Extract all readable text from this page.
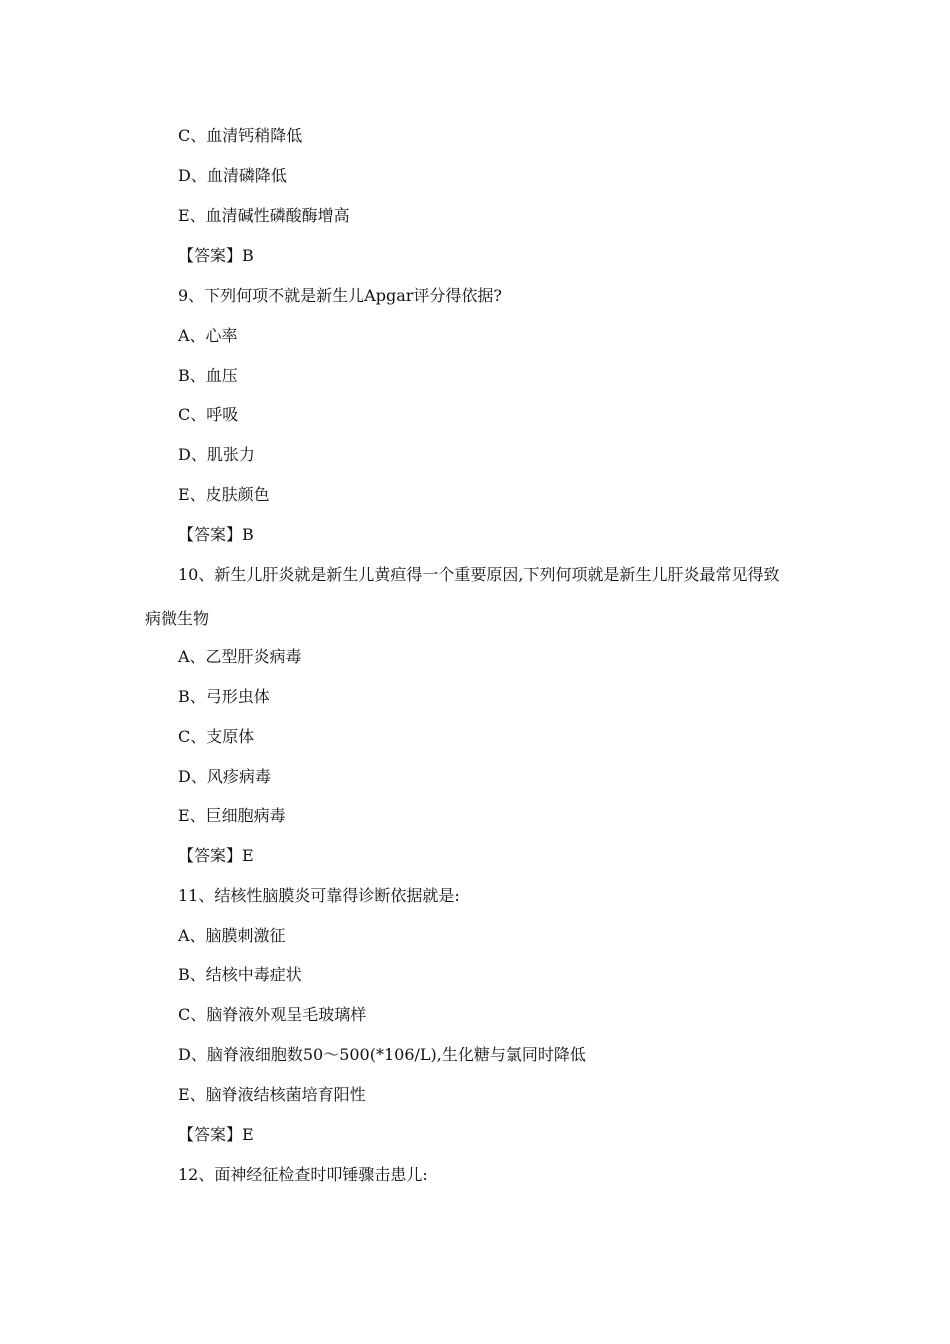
C、血清钙稍降低
D、血清磷降低
E、血清碱性磷酸酶增高
【答案】B
9、下列何项不就是新生儿Apgar评分得依据?
A、心率
B、血压
C、呼吸
D、肌张力
E、皮肤颜色
【答案】B
10、新生儿肝炎就是新生儿黄疸得一个重要原因,下列何项就是新生儿肝炎最常见得致
病微生物
A、乙型肝炎病毒
B、弓形虫体
C、支原体
D、风疹病毒
E、巨细胞病毒
【答案】E
11、结核性脑膜炎可靠得诊断依据就是:
A、脑膜刺激征
B、结核中毒症状
C、脑脊液外观呈毛玻璃样
D、脑脊液细胞数50～500(*106/L),生化糖与氯同时降低
E、脑脊液结核菌培育阳性
【答案】E
12、面神经征检查时叩锤骤击患儿:
